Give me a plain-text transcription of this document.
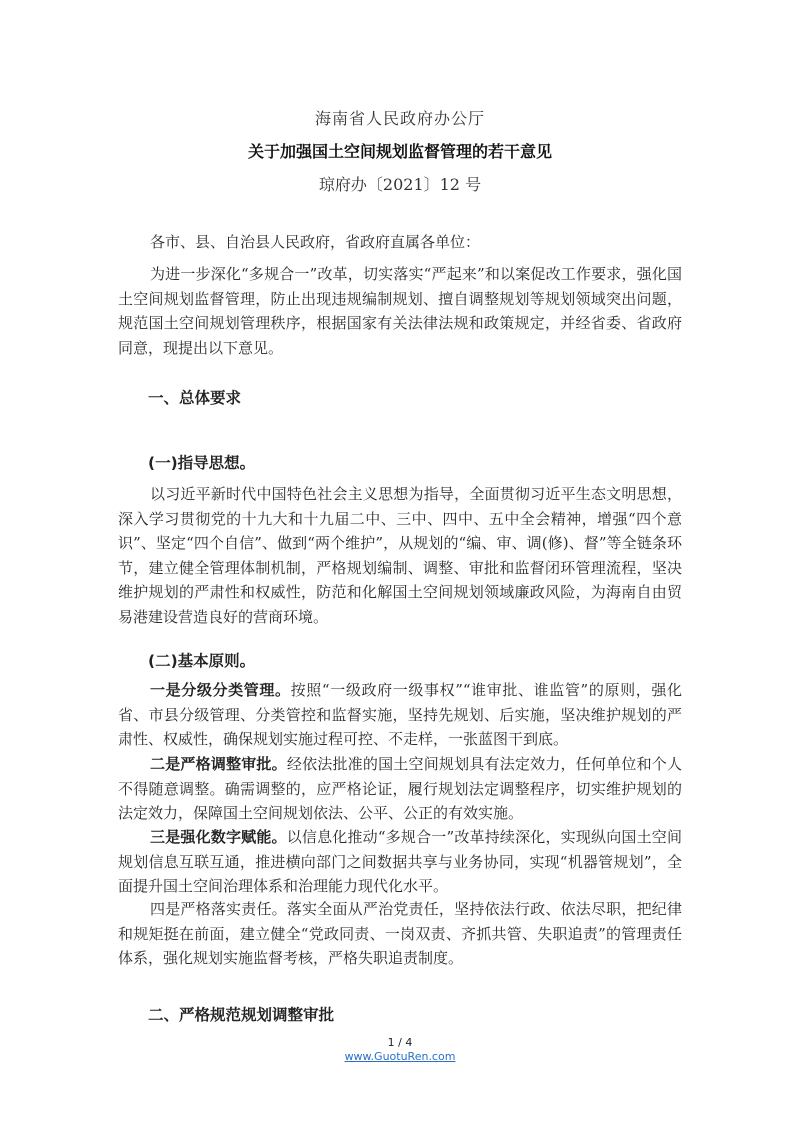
海南省人民政府办公厅
关于加强国土空间规划监督管理的若干意见
琼府办〔2021〕12 号

各市、县、自治县人民政府，省政府直属各单位：

为进一步深化“多规合一”改革，切实落实“严起来”和以案促改工作要求，强化国土空间规划监督管理，防止出现违规编制规划、擅自调整规划等规划领域突出问题，规范国土空间规划管理秩序，根据国家有关法律法规和政策规定，并经省委、省政府同意，现提出以下意见。

一、总体要求
(一)指导思想。

以习近平新时代中国特色社会主义思想为指导，全面贯彻习近平生态文明思想，深入学习贯彻党的十九大和十九届二中、三中、四中、五中全会精神，增强“四个意识”、坚定“四个自信”、做到“两个维护”，从规划的“编、审、调(修)、督”等全链条环节，建立健全管理体制机制，严格规划编制、调整、审批和监督闭环管理流程，坚决维护规划的严肃性和权威性，防范和化解国土空间规划领域廉政风险，为海南自由贸易港建设营造良好的营商环境。

(二)基本原则。

一是分级分类管理。按照“一级政府一级事权”“谁审批、谁监管”的原则，强化省、市县分级管理、分类管控和监督实施，坚持先规划、后实施，坚决维护规划的严肃性、权威性，确保规划实施过程可控、不走样，一张蓝图干到底。

二是严格调整审批。经依法批准的国土空间规划具有法定效力，任何单位和个人不得随意调整。确需调整的，应严格论证，履行规划法定调整程序，切实维护规划的法定效力，保障国土空间规划依法、公平、公正的有效实施。

三是强化数字赋能。以信息化推动“多规合一”改革持续深化，实现纵向国土空间规划信息互联互通，推进横向部门之间数据共享与业务协同，实现“机器管规划”，全面提升国土空间治理体系和治理能力现代化水平。

四是严格落实责任。落实全面从严治党责任，坚持依法行政、依法尽职，把纪律和规矩挺在前面，建立健全“党政同责、一岗双责、齐抓共管、失职追责”的管理责任体系，强化规划实施监督考核，严格失职追责制度。

二、严格规范规划调整审批
1 / 4
www.GuotuRen.com
